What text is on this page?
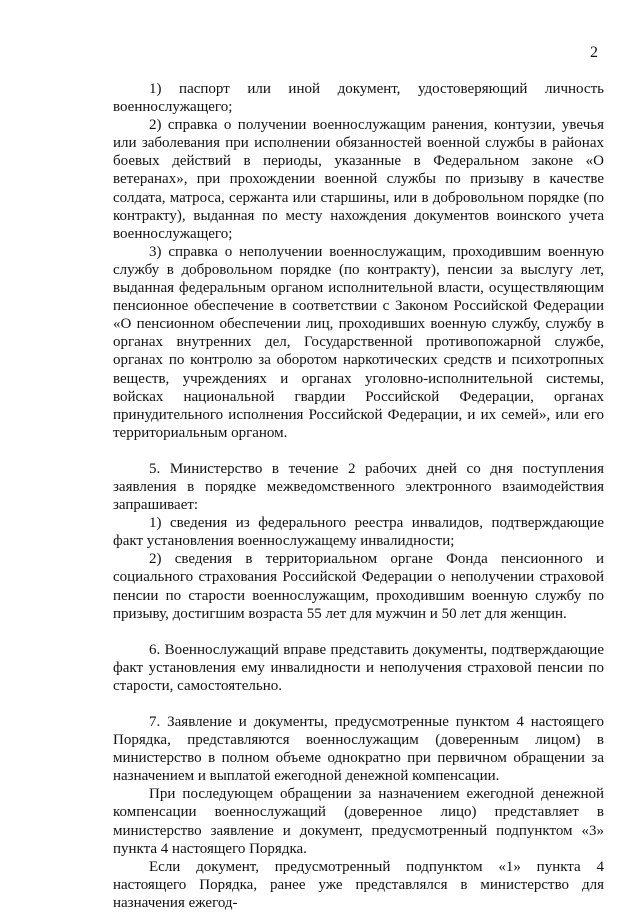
2

1) паспорт или иной документ, удостоверяющий личность военнослужащего;

2) справка о получении военнослужащим ранения, контузии, увечья или заболевания при исполнении обязанностей военной службы в районах боевых действий в периоды, указанные в Федеральном законе «О ветеранах», при прохождении военной службы по призыву в качестве солдата, матроса, сержанта или старшины, или в добровольном порядке (по контракту), выданная по месту нахождения документов воинского учета военнослужащего;

3) справка о неполучении военнослужащим, проходившим военную службу в добровольном порядке (по контракту), пенсии за выслугу лет, выданная федеральным органом исполнительной власти, осуществляющим пенсионное обеспечение в соответствии с Законом Российской Федерации «О пенсионном обеспечении лиц, проходивших военную службу, службу в органах внутренних дел, Государственной противопожарной службе, органах по контролю за оборотом наркотических средств и психотропных веществ, учреждениях и органах уголовно-исполнительной системы, войсках национальной гвардии Российской Федерации, органах принудительного исполнения Российской Федерации, и их семей», или его территориальным органом.

5. Министерство в течение 2 рабочих дней со дня поступления заявления в порядке межведомственного электронного взаимодействия запрашивает:

1) сведения из федерального реестра инвалидов, подтверждающие факт установления военнослужащему инвалидности;

2) сведения в территориальном органе Фонда пенсионного и социального страхования Российской Федерации о неполучении страховой пенсии по старости военнослужащим, проходившим военную службу по призыву, достигшим возраста 55 лет для мужчин и 50 лет для женщин.

6. Военнослужащий вправе представить документы, подтверждающие факт установления ему инвалидности и неполучения страховой пенсии по старости, самостоятельно.

7. Заявление и документы, предусмотренные пунктом 4 настоящего Порядка, представляются военнослужащим (доверенным лицом) в министерство в полном объеме однократно при первичном обращении за назначением и выплатой ежегодной денежной компенсации.

При последующем обращении за назначением ежегодной денежной компенсации военнослужащий (доверенное лицо) представляет в министерство заявление и документ, предусмотренный подпунктом «3» пункта 4 настоящего Порядка.

Если документ, предусмотренный подпунктом «1» пункта 4 настоящего Порядка, ранее уже представлялся в министерство для назначения ежегод-
